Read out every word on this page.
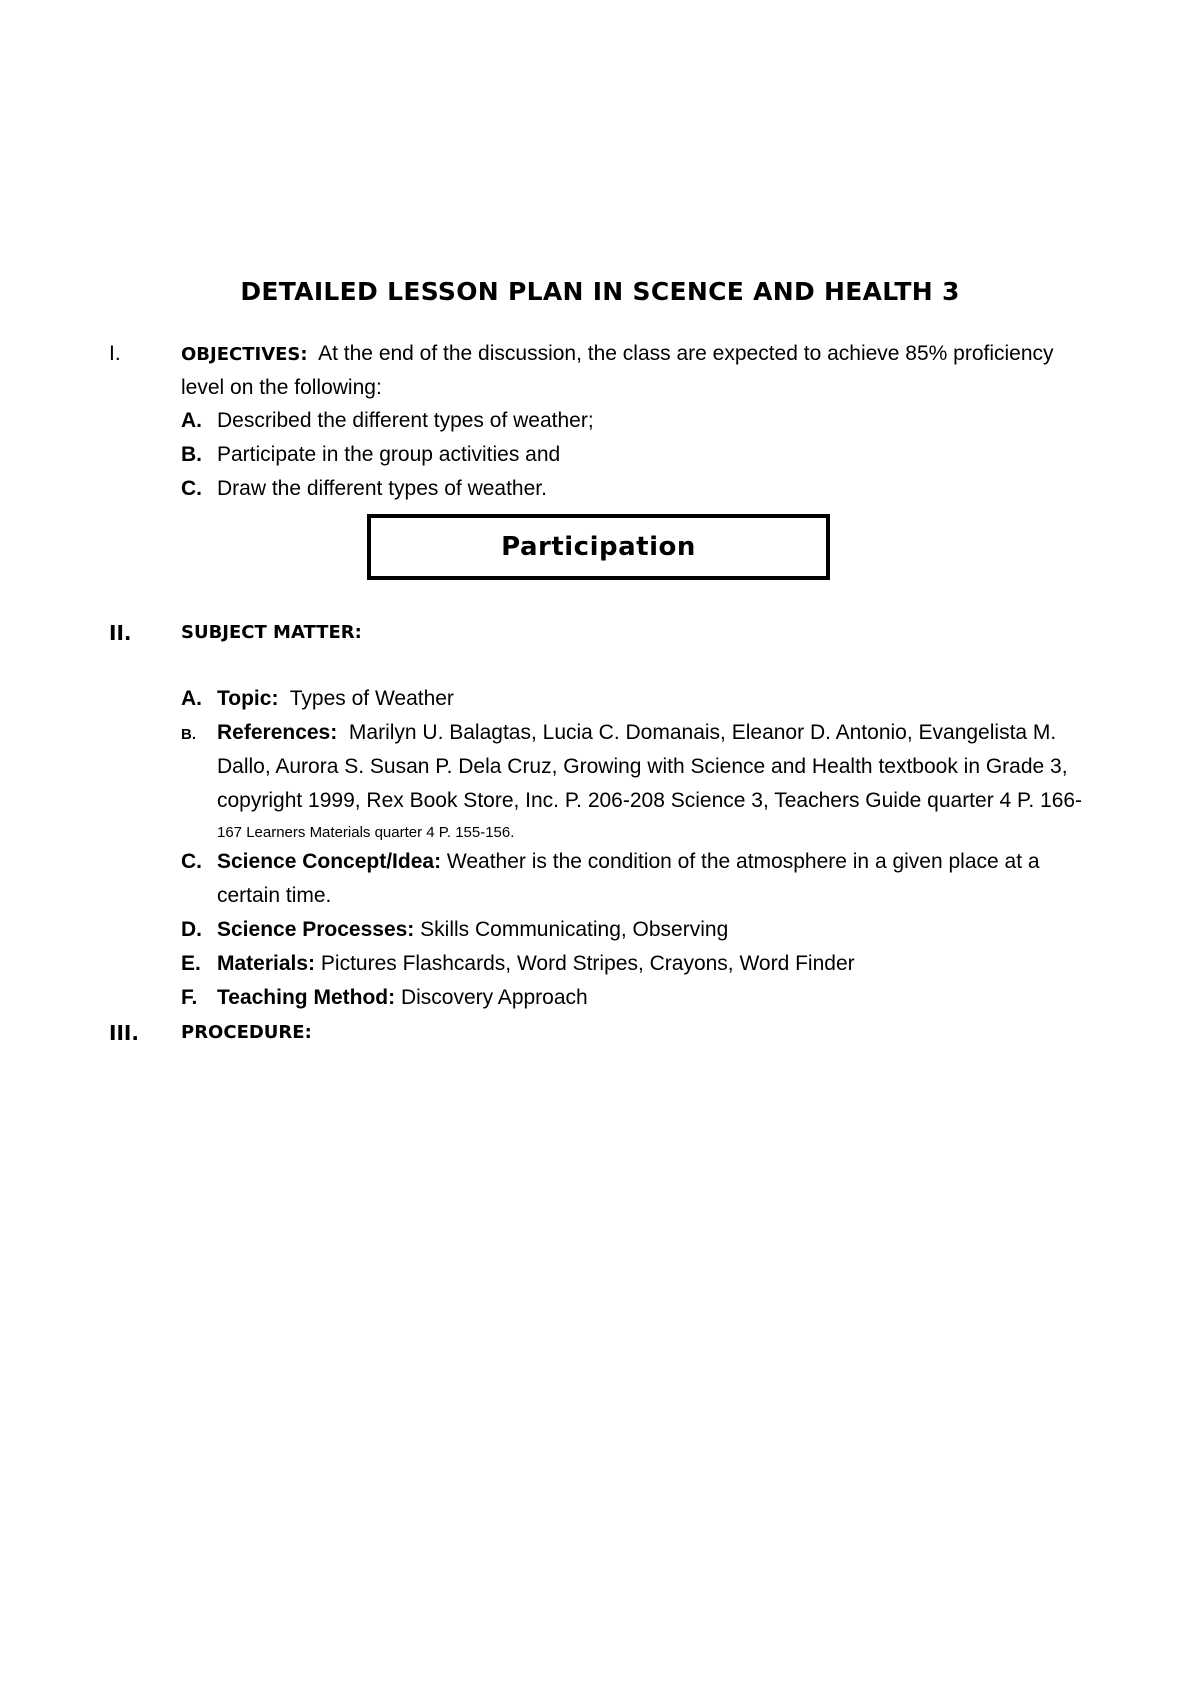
DETAILED LESSON PLAN IN SCENCE AND HEALTH 3
I.	OBJECTIVES: At the end of the discussion, the class are expected to achieve 85% proficiency
level on the following:
A. Described the different types of weather;
B. Participate in the group activities and
C. Draw the different types of weather.
Participation
II.	SUBJECT MATTER:
A. Topic: Types of Weather
B. References: Marilyn U. Balagtas, Lucia C. Domanais, Eleanor D. Antonio, Evangelista M.
Dallo, Aurora S. Susan P. Dela Cruz, Growing with Science and Health textbook in Grade 3,
copyright 1999, Rex Book Store, Inc. P. 206-208 Science 3, Teachers Guide quarter 4 P. 166-
167 Learners Materials quarter 4 P. 155-156.
C. Science Concept/Idea: Weather is the condition of the atmosphere in a given place at a
certain time.
D. Science Processes: Skills Communicating, Observing
E. Materials: Pictures Flashcards, Word Stripes, Crayons, Word Finder
F. Teaching Method: Discovery Approach
III. PROCEDURE:
